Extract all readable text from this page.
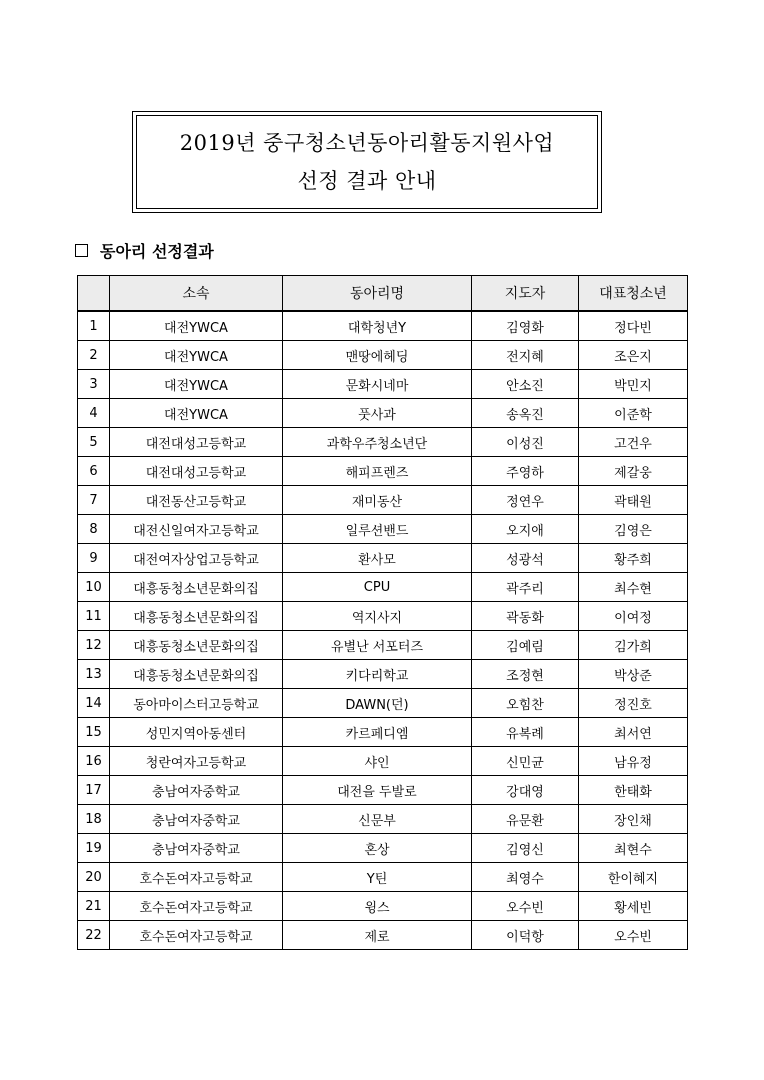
2019년 중구청소년동아리활동지원사업
선정 결과 안내
동아리 선정결과
	소속	동아리명	지도자	대표청소년
1	대전YWCA	대학청년Y	김영화	정다빈
2	대전YWCA	맨땅에헤딩	전지혜	조은지
3	대전YWCA	문화시네마	안소진	박민지
4	대전YWCA	풋사과	송옥진	이준학
5	대전대성고등학교	과학우주청소년단	이성진	고건우
6	대전대성고등학교	해피프렌즈	주영하	제갈웅
7	대전동산고등학교	재미동산	정연우	곽태원
8	대전신일여자고등학교	일루션밴드	오지애	김영은
9	대전여자상업고등학교	환사모	성광석	황주희
10	대흥동청소년문화의집	CPU	곽주리	최수현
11	대흥동청소년문화의집	역지사지	곽동화	이여정
12	대흥동청소년문화의집	유별난 서포터즈	김예림	김가희
13	대흥동청소년문화의집	키다리학교	조정현	박상준
14	동아마이스터고등학교	DAWN(던)	오힘찬	정진호
15	성민지역아동센터	카르페디엠	유복례	최서연
16	청란여자고등학교	샤인	신민균	남유정
17	충남여자중학교	대전을 두발로	강대영	한태화
18	충남여자중학교	신문부	유문환	장인채
19	충남여자중학교	혼상	김영신	최현수
20	호수돈여자고등학교	Y틴	최영수	한이혜지
21	호수돈여자고등학교	윙스	오수빈	황세빈
22	호수돈여자고등학교	제로	이덕항	오수빈
